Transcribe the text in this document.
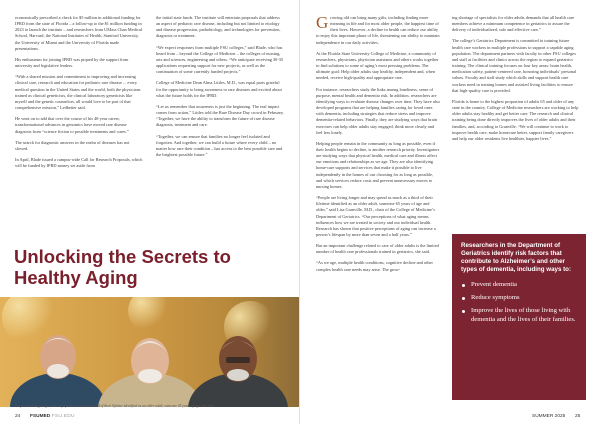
economically prescribed a check for $5 million in additional funding for IPRD from the state of Florida – a follow-up to the $1 million funding in 2023 to launch the institute – and researchers from UMass Chan Medical School, Harvard, the National Institutes of Health, Stanford University, the University of Miami and the University of Florida made presentations.

His enthusiasm for joining IPRD was piqued by the support from university and legislative leaders.

“With a shared mission and commitment to improving and increasing clinical care, research and education for pediatric rare disease ... every medical question in the United States and the world, both the physicians trained as clinical geneticists, the clinical laboratory geneticists like myself and the genetic counselors, all would love to be part of that comprehensive mission,” Ledbetter said.

He went on to add that over the course of his 40-year career, transformational advances in genomics have moved rare disease diagnosis from “science fiction to possible treatments and cures.”

The search for diagnostic answers in the realm of diseases has not slowed.

In April, Blade issued a campus-wide Call for Research Proposals, which will be funded by IPRD money set aside from

the initial state funds. The institute will entertain proposals that address an aspect of pediatric rare disease, including but not limited to etiology and disease progression, pathobiology, and technologies for prevention, diagnosis or treatment.

“We expect responses from multiple FSU colleges,” said Blade, who has heard from – beyond the College of Medicine – the colleges of nursing, arts and sciences, engineering and others. “We anticipate receiving 30-35 applications requesting support for new projects, as well as the continuation of some currently funded projects.”

College of Medicine Dean Alma Littles, M.D., was equal parts grateful for the opportunity to bring awareness to rare diseases and excited about what the future holds for the IPRD.

“Let us remember that awareness is just the beginning. The real impact comes from action,” Littles told the Rare Disease Day crowd in February. “Together, we have the ability to transform the future of rare disease diagnosis, treatment and care.

“Together, we can ensure that families no longer feel isolated and forgotten. And together, we can build a future where every child – no matter how rare their condition – has access to the best possible care and the brightest possible future.”

Unlocking the Secrets to Healthy Aging
People are living longer and may spend as much as a third of their lifetime identified as an older adult, someone 65 years of age and older.

Growing old can bring many gifts, including finding more meaning in life and for most older people, the happiest time of their lives. However, a decline in health can reduce our ability to enjoy this important phase of life, threatening our ability to maintain independence in our daily activities.

At the Florida State University College of Medicine, a community of researchers, physicians, physician assistants and others works together to find solutions to some of aging’s most pressing problems. The ultimate goal: Help older adults stay healthy, independent and, when needed, receive high-quality and appropriate care.

For instance, researchers study the links among loneliness, sense of purpose, mental health and dementia risk. In addition, researchers are identifying ways to evaluate disease changes over time. They have also developed programs that are helping families caring for loved ones with dementia, including strategies that reduce stress and improve dementia-related behaviors. Finally, they are studying ways that brain exercises can help older adults stay engaged, think more clearly and feel less lonely.

Helping people remain in the community as long as possible, even if their health begins to decline, is another research priority. Investigators are studying ways that physical health, medical care and illness affect our emotions and relationships as we age. They are also identifying home-care supports and services that make it possible to live independently in the homes of our choosing for as long as possible, and which services reduce costs and prevent unnecessary moves to nursing homes.

“People are living longer and may spend as much as a third of their lifetime identified as an older adult, someone 65 years of age and older,” said Lisa Granville, M.D., chair of the College of Medicine’s Department of Geriatrics. “Our perceptions of what aging means influences how we are treated in society and our individual health. Research has shown that positive perceptions of aging can increase a person’s lifespan by more than seven and a half years.”

But an important challenge related to care of older adults is the limited number of health care professionals trained in geriatrics, she said.

“As we age, multiple health conditions, cognitive decline and other complex health care needs may arise. The grow-

ing shortage of specialists for older adults demands that all health care members achieve a minimum competence in geriatrics to assure the delivery of individualized, safe and effective care.”

The college’s Geriatrics Department is committed to training future health care workers in multiple professions to support a capable aging population. The department partners with faculty in other FSU colleges and staff at facilities and clinics across the region to expand geriatrics training. The clinical training focuses on four key areas: brain health, medication safety, patient-centered care, honoring individuals’ personal values. Faculty and staff study which skills and support health care workers need in training homes and assisted living facilities to ensure that high-quality care is provided.

Florida is home to the highest proportion of adults 65 and older of any state in the country. College of Medicine researchers are working to help older adults stay healthy and get better care. The research and clinical training being done directly improves the lives of older adults and their families, and, according to Granville, “We will continue to work to improve health care, make homecare better, support family caregivers and help our older residents live healthier, happier lives.”

Researchers in the Department of Geriatrics identify risk factors that contribute to Alzheimer’s and other types of dementia, including ways to:

Prevent dementia
Reduce symptoms
Improve the lives of those living with dementia and the lives of their families.
24 FSUMED FSU.EDU	SUMMER 2025 25
